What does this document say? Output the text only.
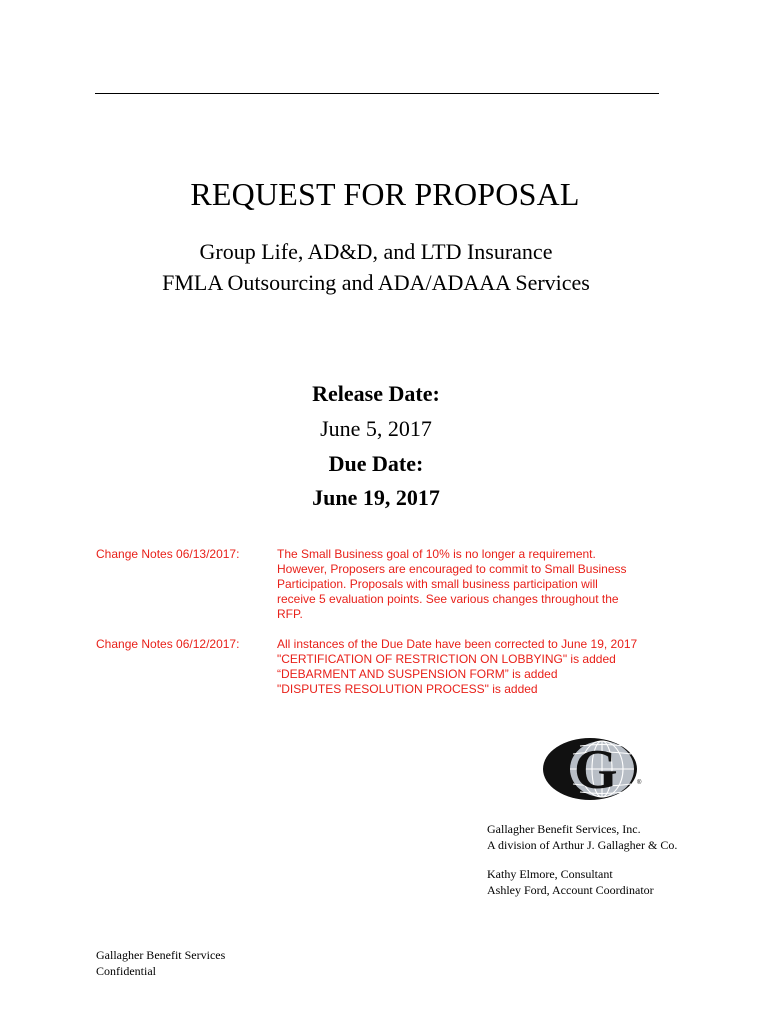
REQUEST FOR PROPOSAL
Group Life, AD&D, and LTD Insurance
FMLA Outsourcing and ADA/ADAAA Services
Release Date:
June 5, 2017
Due Date:
June 19, 2017
Change Notes 06/13/2017:	The Small Business goal of 10% is no longer a requirement.
However, Proposers are encouraged to commit to Small Business
Participation. Proposals with small business participation will
receive 5 evaluation points. See various changes throughout the
RFP.
Change Notes 06/12/2017:	All instances of the Due Date have been corrected to June 19, 2017
"CERTIFICATION OF RESTRICTION ON LOBBYING" is added
“DEBARMENT AND SUSPENSION FORM” is added
"DISPUTES RESOLUTION PROCESS" is added
G	®
Gallagher Benefit Services, Inc.
A division of Arthur J. Gallagher & Co.
Kathy Elmore, Consultant
Ashley Ford, Account Coordinator
Gallagher Benefit Services
Confidential
